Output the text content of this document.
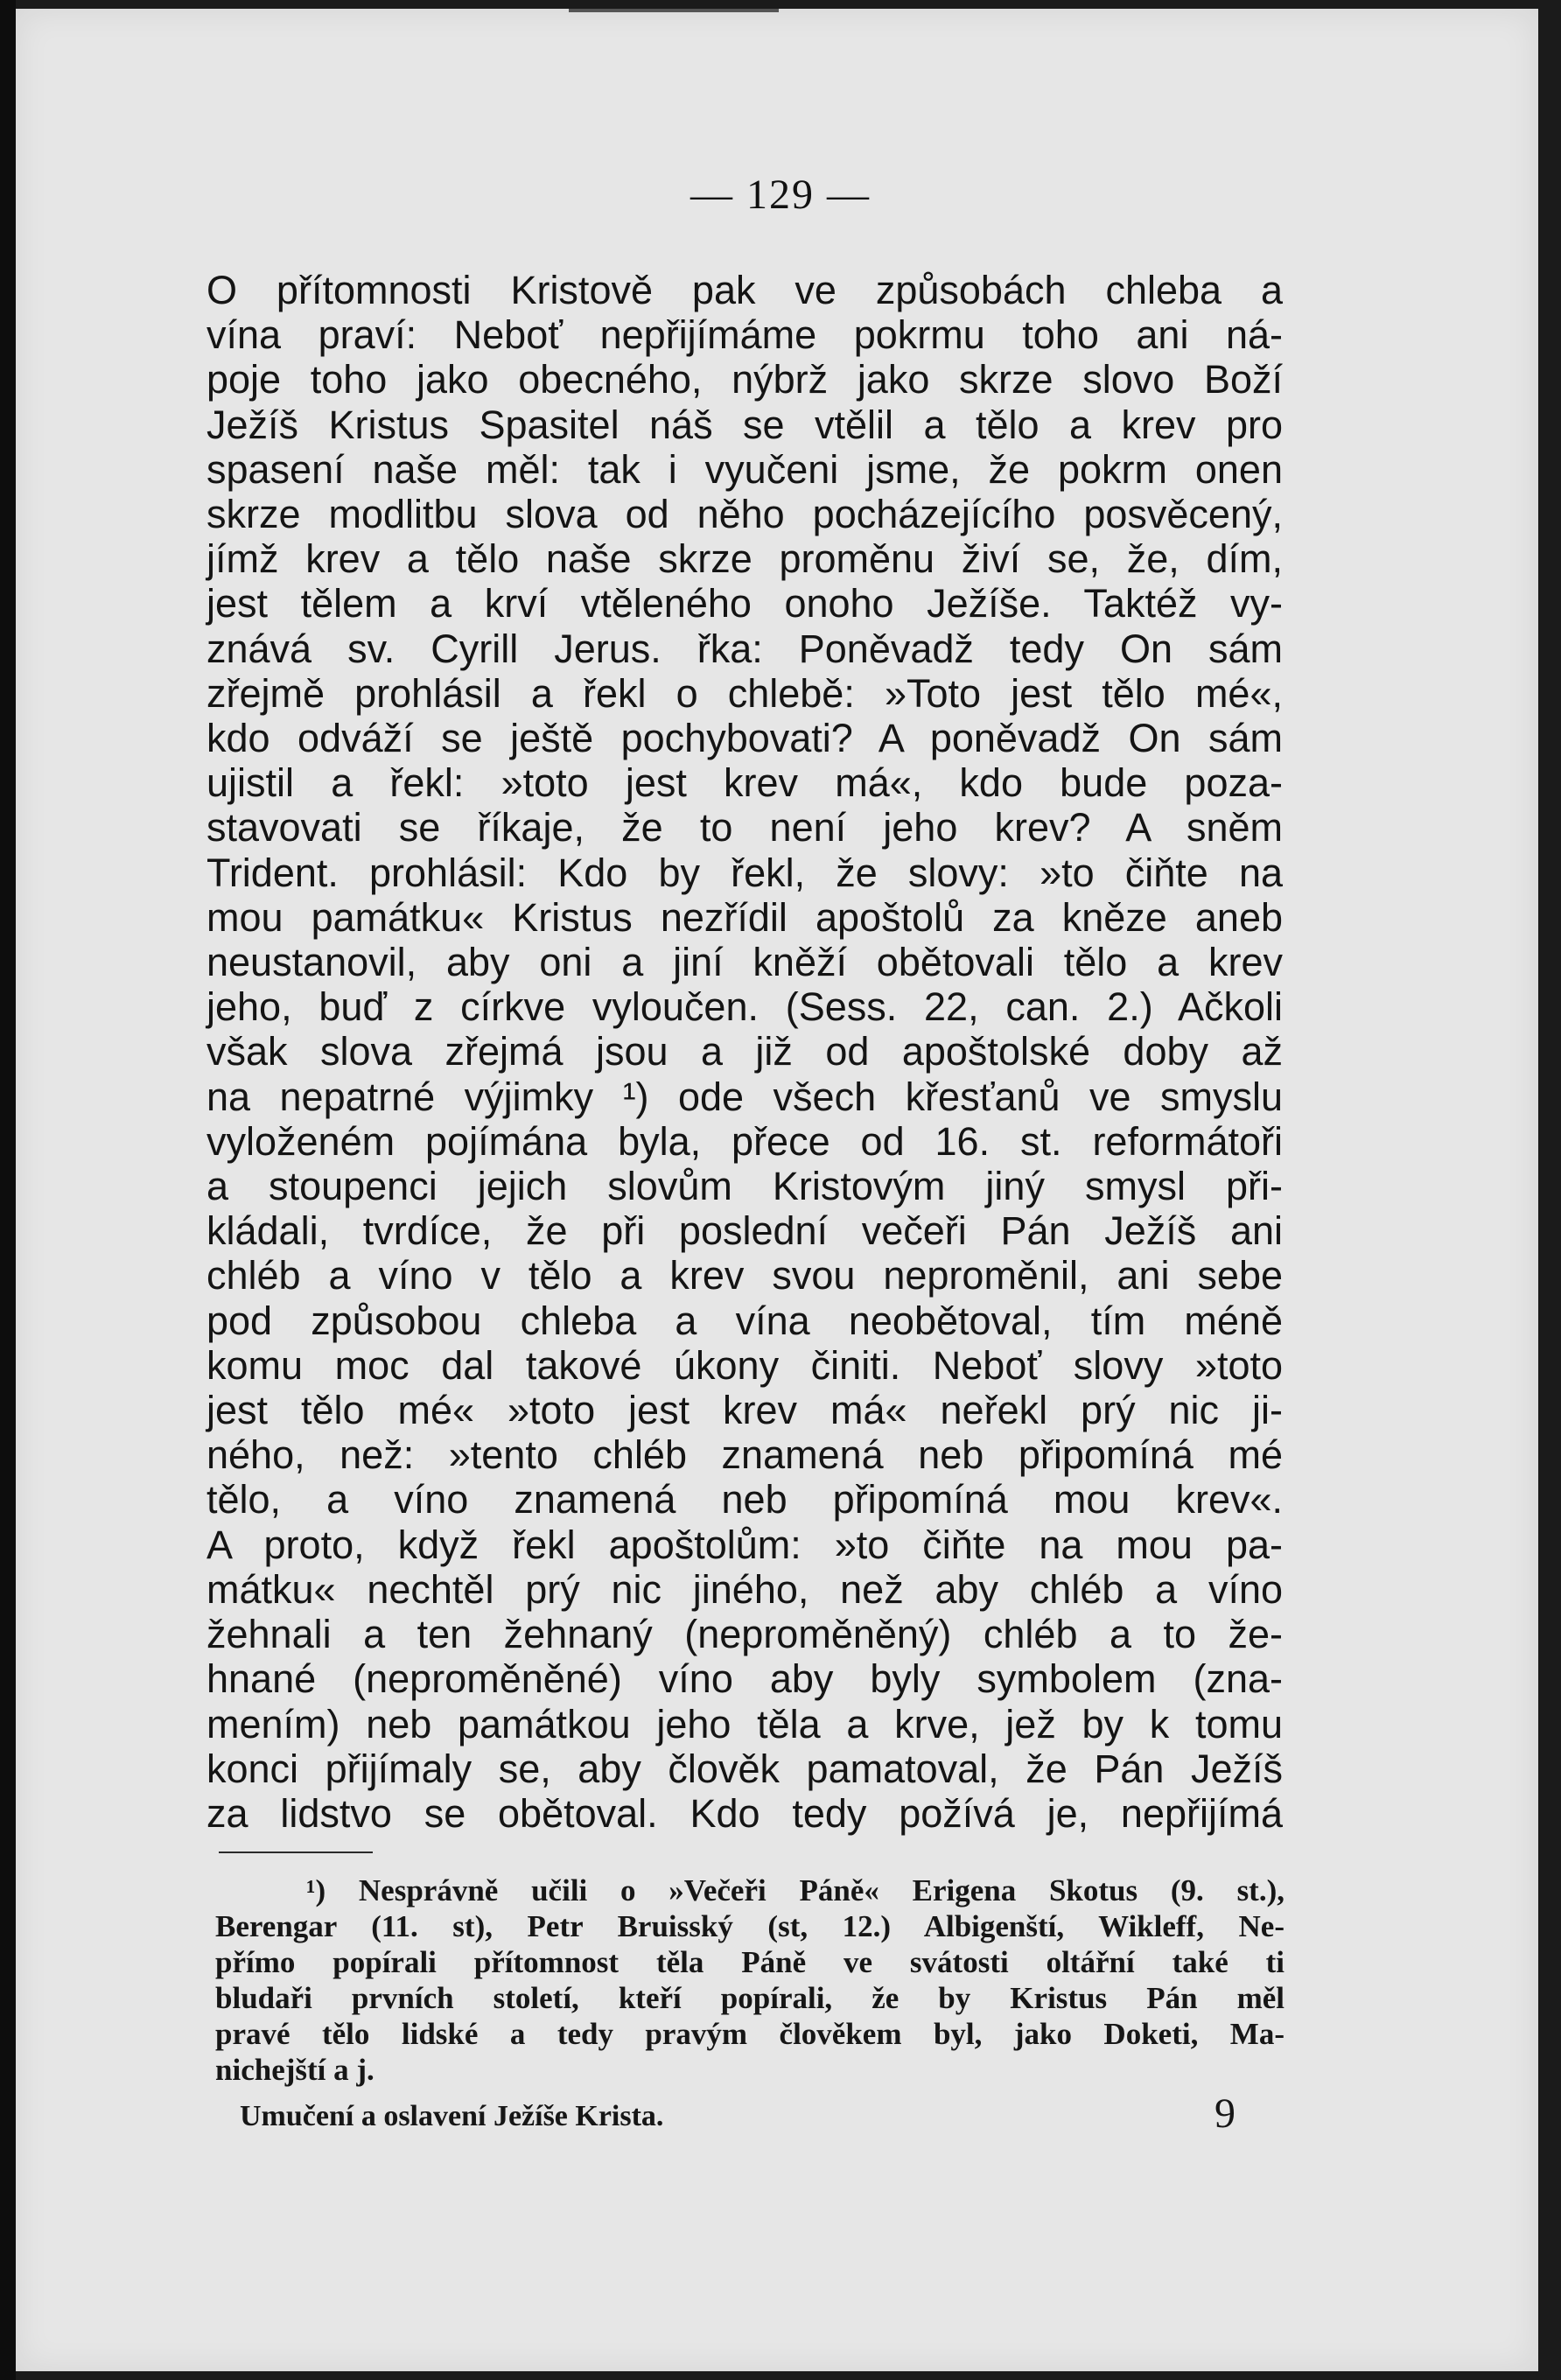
— 129 —
O přítomnosti Kristově pak ve způsobách chleba a
vína praví: Neboť nepřijímáme pokrmu toho ani ná-
poje toho jako obecného, nýbrž jako skrze slovo Boží
Ježíš Kristus Spasitel náš se vtělil a tělo a krev pro
spasení naše měl: tak i vyučeni jsme, že pokrm onen
skrze modlitbu slova od něho pocházejícího posvěcený,
jímž krev a tělo naše skrze proměnu živí se, že, dím,
jest tělem a krví vtěleného onoho Ježíše. Taktéž vy-
znává sv. Cyrill Jerus. řka: Poněvadž tedy On sám
zřejmě prohlásil a řekl o chlebě: »Toto jest tělo mé«,
kdo odváží se ještě pochybovati? A poněvadž On sám
ujistil a řekl: »toto jest krev má«, kdo bude poza-
stavovati se říkaje, že to není jeho krev? A sněm
Trident. prohlásil: Kdo by řekl, že slovy: »to čiňte na
mou památku« Kristus nezřídil apoštolů za kněze aneb
neustanovil, aby oni a jiní kněží obětovali tělo a krev
jeho, buď z církve vyloučen. (Sess. 22, can. 2.) Ačkoli
však slova zřejmá jsou a již od apoštolské doby až
na nepatrné výjimky ¹) ode všech křesťanů ve smyslu
vyloženém pojímána byla, přece od 16. st. reformátoři
a stoupenci jejich slovům Kristovým jiný smysl při-
kládali, tvrdíce, že při poslední večeři Pán Ježíš ani
chléb a víno v tělo a krev svou neproměnil, ani sebe
pod způsobou chleba a vína neobětoval, tím méně
komu moc dal takové úkony činiti. Neboť slovy »toto
jest tělo mé« »toto jest krev má« neřekl prý nic ji-
ného, než: »tento chléb znamená neb připomíná mé
tělo, a víno znamená neb připomíná mou krev«.
A proto, když řekl apoštolům: »to čiňte na mou pa-
mátku« nechtěl prý nic jiného, než aby chléb a víno
žehnali a ten žehnaný (neproměněný) chléb a to že-
hnané (neproměněné) víno aby byly symbolem (zna-
mením) neb památkou jeho těla a krve, jež by k tomu
konci přijímaly se, aby člověk pamatoval, že Pán Ježíš
za lidstvo se obětoval. Kdo tedy požívá je, nepřijímá
¹) Nesprávně učili o »Večeři Páně« Erigena Skotus (9. st.),
Berengar (11. st), Petr Bruisský (st, 12.) Albigenští, Wikleff, Ne-
přímo popírali přítomnost těla Páně ve svátosti oltářní také ti
bludaři prvních století, kteří popírali, že by Kristus Pán měl
pravé tělo lidské a tedy pravým člověkem byl, jako Doketi, Ma-
nichejští a j.
Umučení a oslavení Ježíše Krista.	9
